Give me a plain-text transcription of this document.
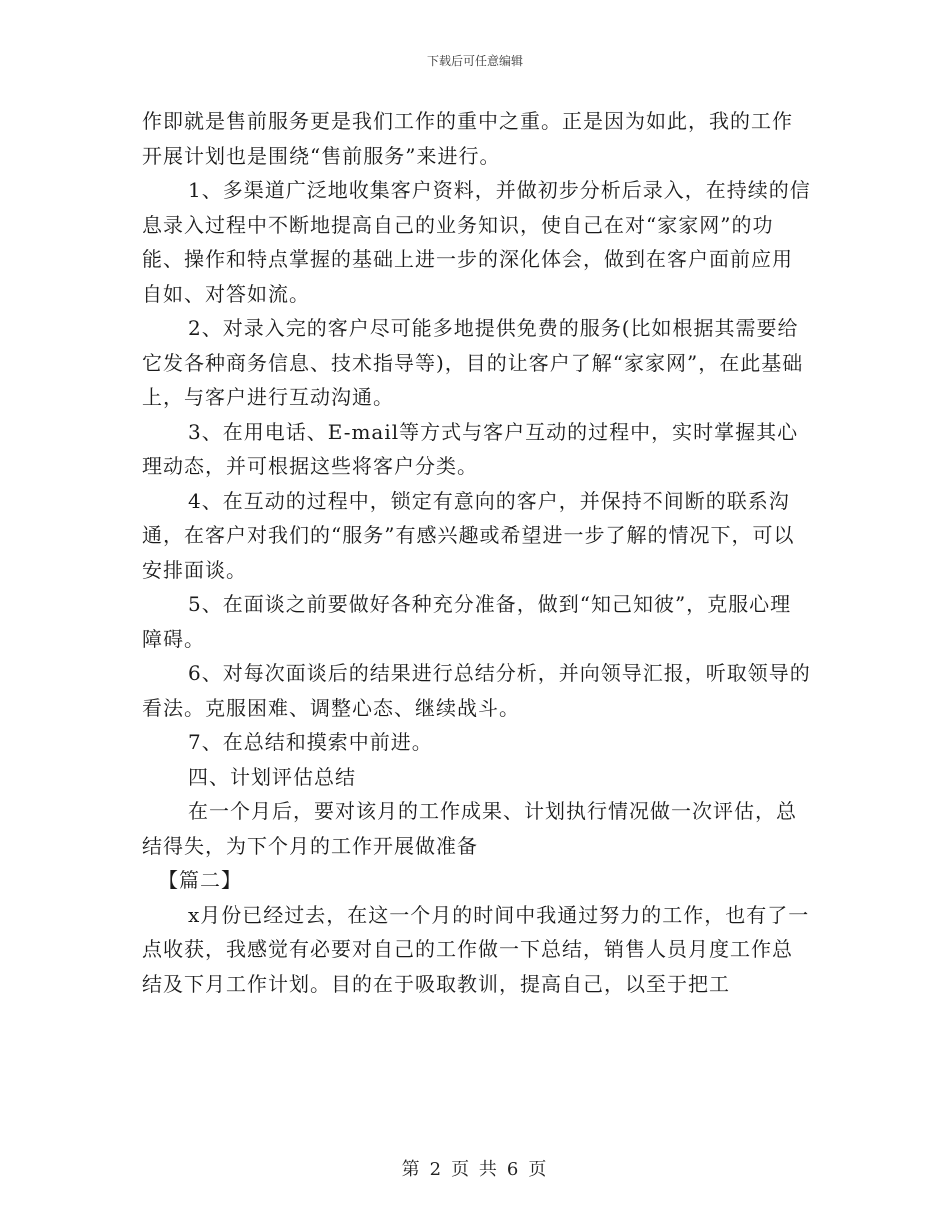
下载后可任意编辑

作即就是售前服务更是我们工作的重中之重。正是因为如此，我的工作开展计划也是围绕“售前服务”来进行。

1、多渠道广泛地收集客户资料，并做初步分析后录入，在持续的信息录入过程中不断地提高自己的业务知识，使自己在对“家家网”的功能、操作和特点掌握的基础上进一步的深化体会，做到在客户面前应用自如、对答如流。

2、对录入完的客户尽可能多地提供免费的服务(比如根据其需要给它发各种商务信息、技术指导等)，目的让客户了解“家家网”，在此基础上，与客户进行互动沟通。

3、在用电话、E-mail等方式与客户互动的过程中，实时掌握其心理动态，并可根据这些将客户分类。

4、在互动的过程中，锁定有意向的客户，并保持不间断的联系沟通，在客户对我们的“服务”有感兴趣或希望进一步了解的情况下，可以安排面谈。

5、在面谈之前要做好各种充分准备，做到“知己知彼”，克服心理障碍。

6、对每次面谈后的结果进行总结分析，并向领导汇报，听取领导的看法。克服困难、调整心态、继续战斗。

7、在总结和摸索中前进。

四、计划评估总结

在一个月后，要对该月的工作成果、计划执行情况做一次评估，总结得失，为下个月的工作开展做准备

【篇二】

x月份已经过去，在这一个月的时间中我通过努力的工作，也有了一点收获，我感觉有必要对自己的工作做一下总结，销售人员月度工作总结及下月工作计划。目的在于吸取教训，提高自己，以至于把工

第 2 页 共 6 页
